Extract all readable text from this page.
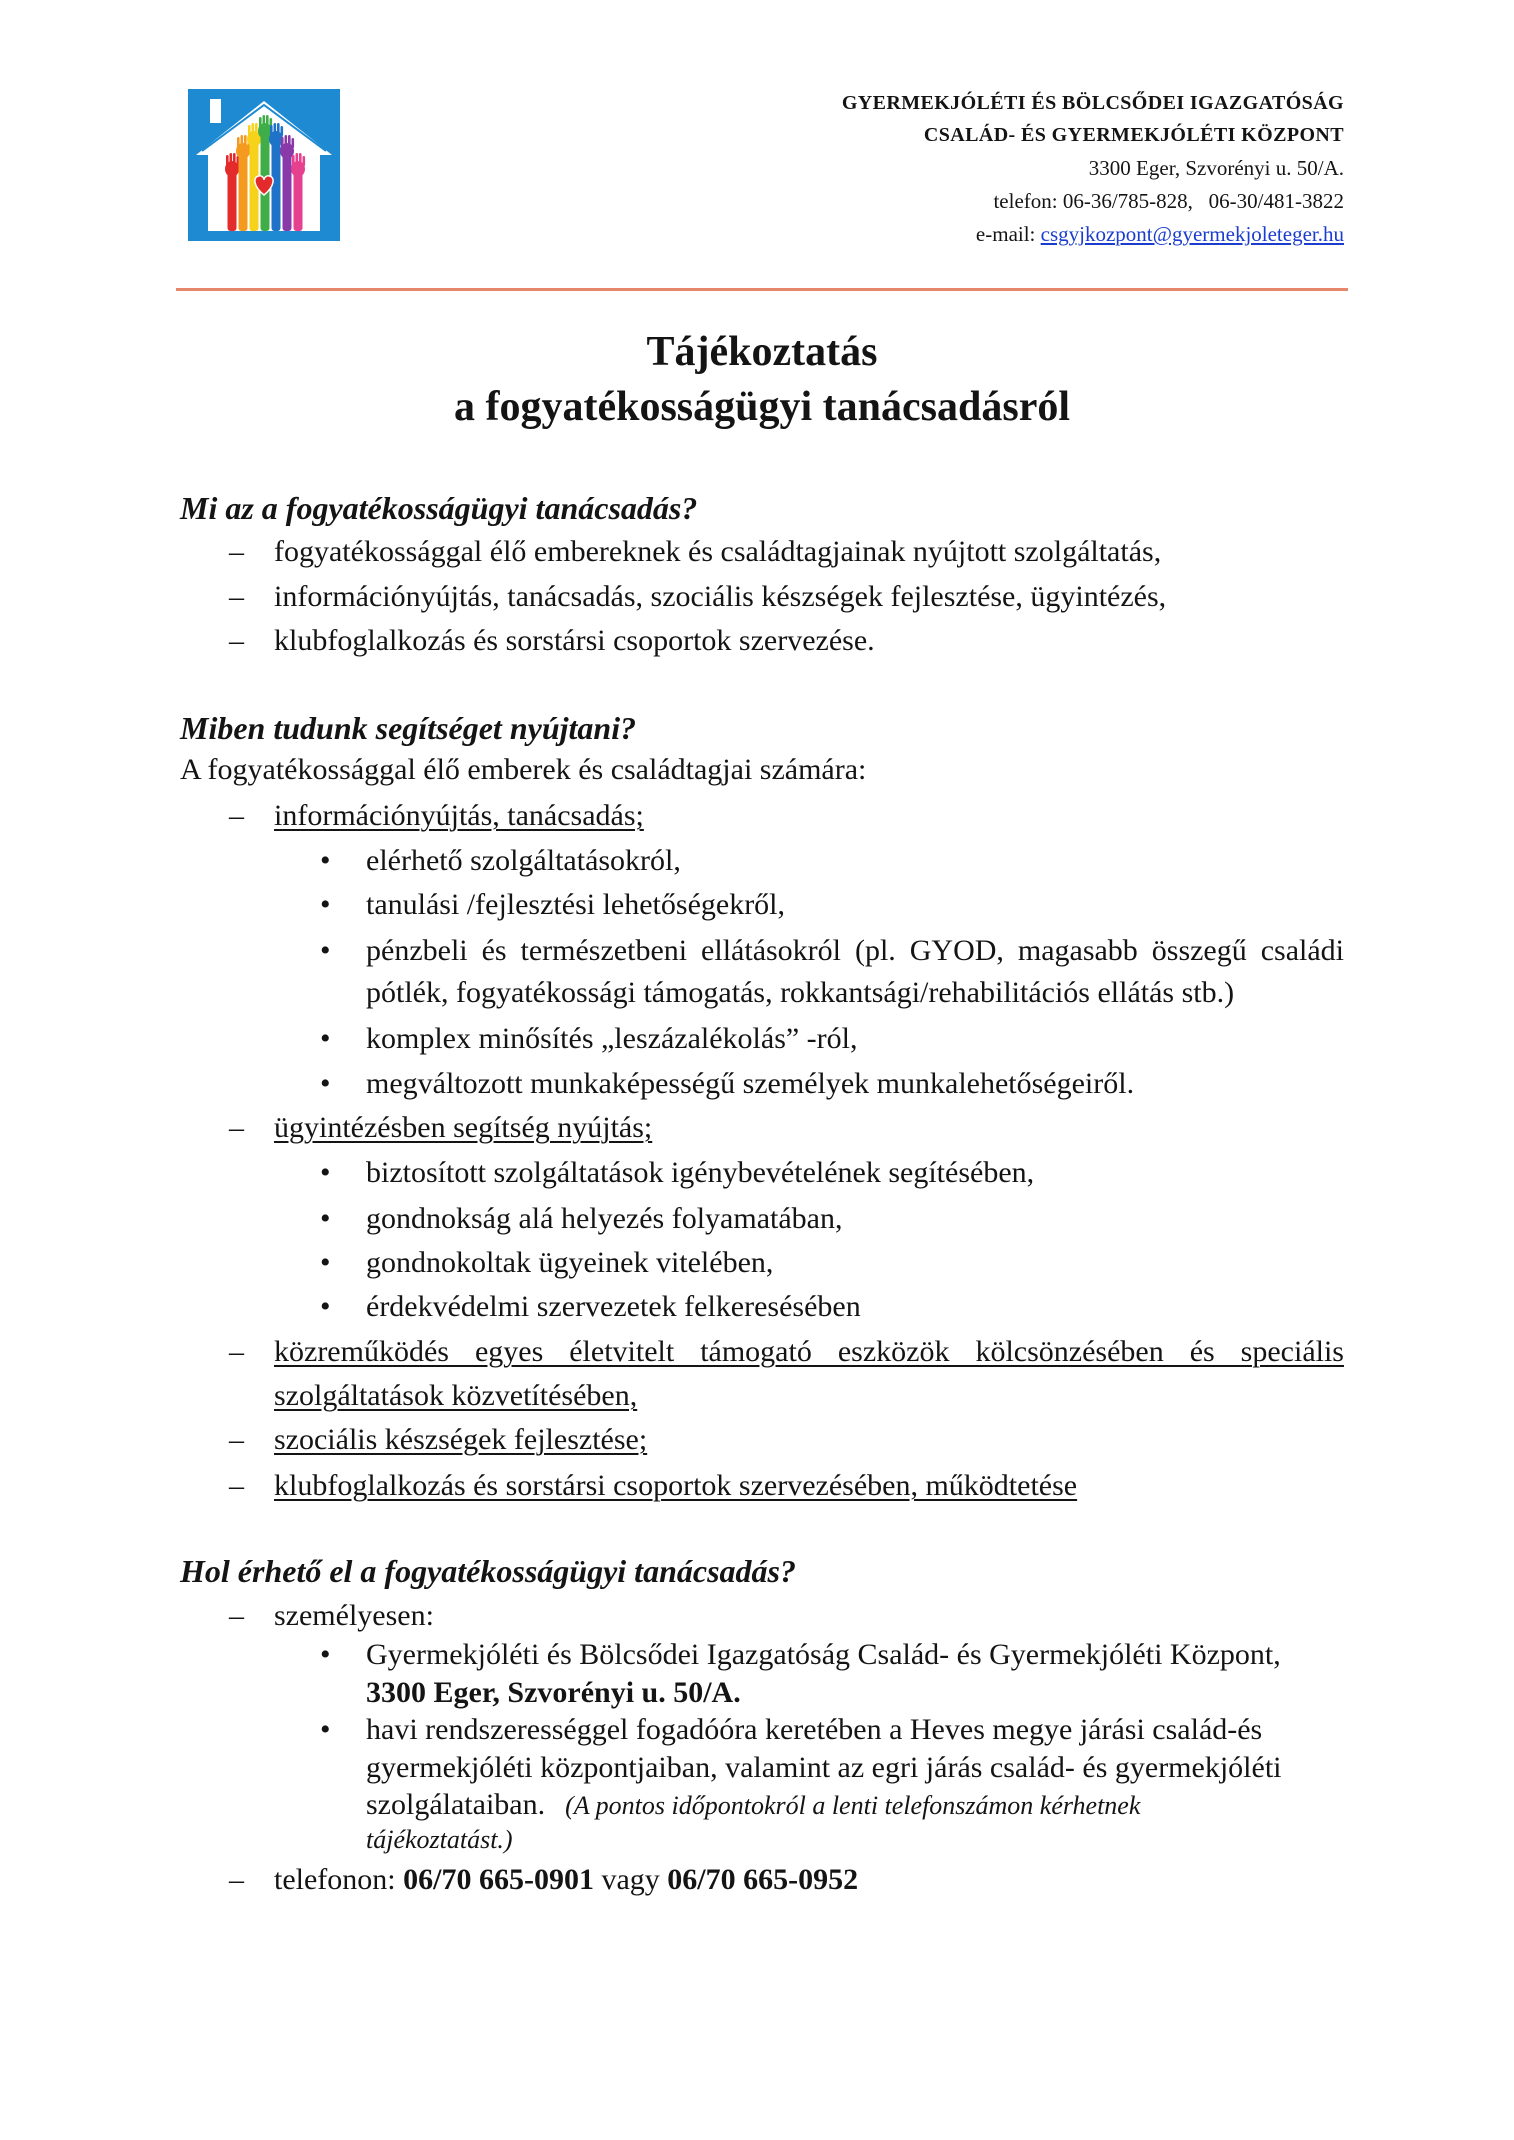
GYERMEKJÓLÉTI ÉS BÖLCSŐDEI IGAZGATÓSÁG
CSALÁD- ÉS GYERMEKJÓLÉTI KÖZPONT
3300 Eger, Szvorényi u. 50/A.
telefon: 06-36/785-828,   06-30/481-3822
e-mail: csgyjkozpont@gyermekjoleteger.hu
Tájékoztatás
a fogyatékosságügyi tanácsadásról
Mi az a fogyatékosságügyi tanácsadás?
– fogyatékossággal élő embereknek és családtagjainak nyújtott szolgáltatás,
– információnyújtás, tanácsadás, szociális készségek fejlesztése, ügyintézés,
– klubfoglalkozás és sorstársi csoportok szervezése.
Miben tudunk segítséget nyújtani?
A fogyatékossággal élő emberek és családtagjai számára:
– információnyújtás, tanácsadás;
• elérhető szolgáltatásokról,
• tanulási /fejlesztési lehetőségekről,
• pénzbeli és természetbeni ellátásokról (pl. GYOD, magasabb összegű családi
pótlék, fogyatékossági támogatás, rokkantsági/rehabilitációs ellátás stb.)
• komplex minősítés „leszázalékolás” -ról,
• megváltozott munkaképességű személyek munkalehetőségeiről.
– ügyintézésben segítség nyújtás;
• biztosított szolgáltatások igénybevételének segítésében,
• gondnokság alá helyezés folyamatában,
• gondnokoltak ügyeinek vitelében,
• érdekvédelmi szervezetek felkeresésében
– közreműködés egyes életvitelt támogató eszközök kölcsönzésében és speciális
szolgáltatások közvetítésében,
– szociális készségek fejlesztése;
– klubfoglalkozás és sorstársi csoportok szervezésében, működtetése
Hol érhető el a fogyatékosságügyi tanácsadás?
– személyesen:
• Gyermekjóléti és Bölcsődei Igazgatóság Család- és Gyermekjóléti Központ,
3300 Eger, Szvorényi u. 50/A.
• havi rendszerességgel fogadóóra keretében a Heves megye járási család-és
gyermekjóléti központjaiban, valamint az egri járás család- és gyermekjóléti
szolgálataiban. (A pontos időpontokról a lenti telefonszámon kérhetnek
tájékoztatást.)
– telefonon: 06/70 665-0901 vagy 06/70 665-0952
